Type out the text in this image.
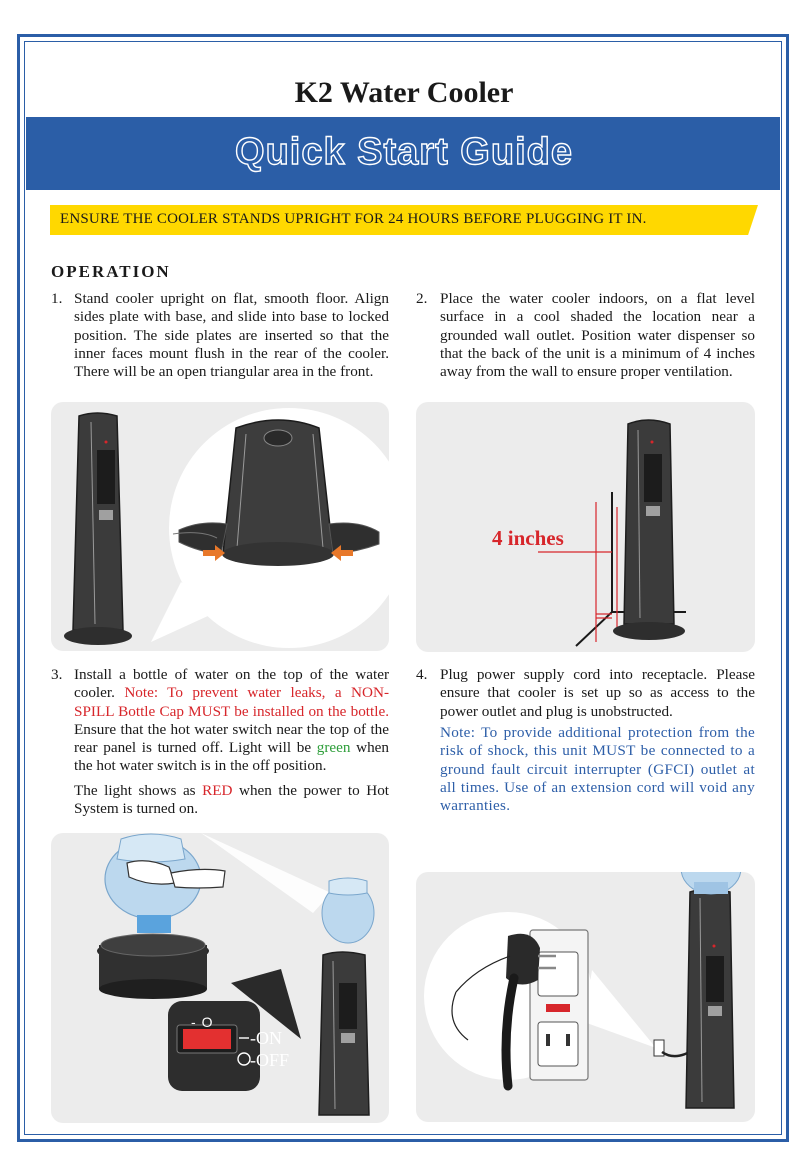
K2 Water Cooler
Quick Start Guide
ENSURE THE COOLER STANDS UPRIGHT FOR 24 HOURS BEFORE PLUGGING IT IN.
OPERATION
1. Stand cooler upright on flat, smooth floor. Align sides plate with base, and slide into base to locked position. The side plates are inserted so that the inner faces mount flush in the rear of the cooler. There will be an open triangular area in the front.
2. Place the water cooler indoors, on a flat level surface in a cool shaded the location near a grounded wall outlet. Position water dispenser so that the back of the unit is a minimum of 4 inches away from the wall to ensure proper ventilation.
4 inches
3. Install a bottle of water on the top of the water cooler. Note: To prevent water leaks, a NON-SPILL Bottle Cap MUST be installed on the bottle. Ensure that the hot water switch near the top of the rear panel is turned off. Light will be green when the hot water switch is in the off position.
The light shows as RED when the power to Hot System is turned on.
4. Plug power supply cord into receptacle. Please ensure that cooler is set up so as access to the power outlet and plug is unobstructed.
Note: To provide additional protection from the risk of shock, this unit MUST be connected to a ground fault circuit interrupter (GFCI) outlet at all times. Use of an extension cord will void any warranties.
-O
-ON
-OFF
